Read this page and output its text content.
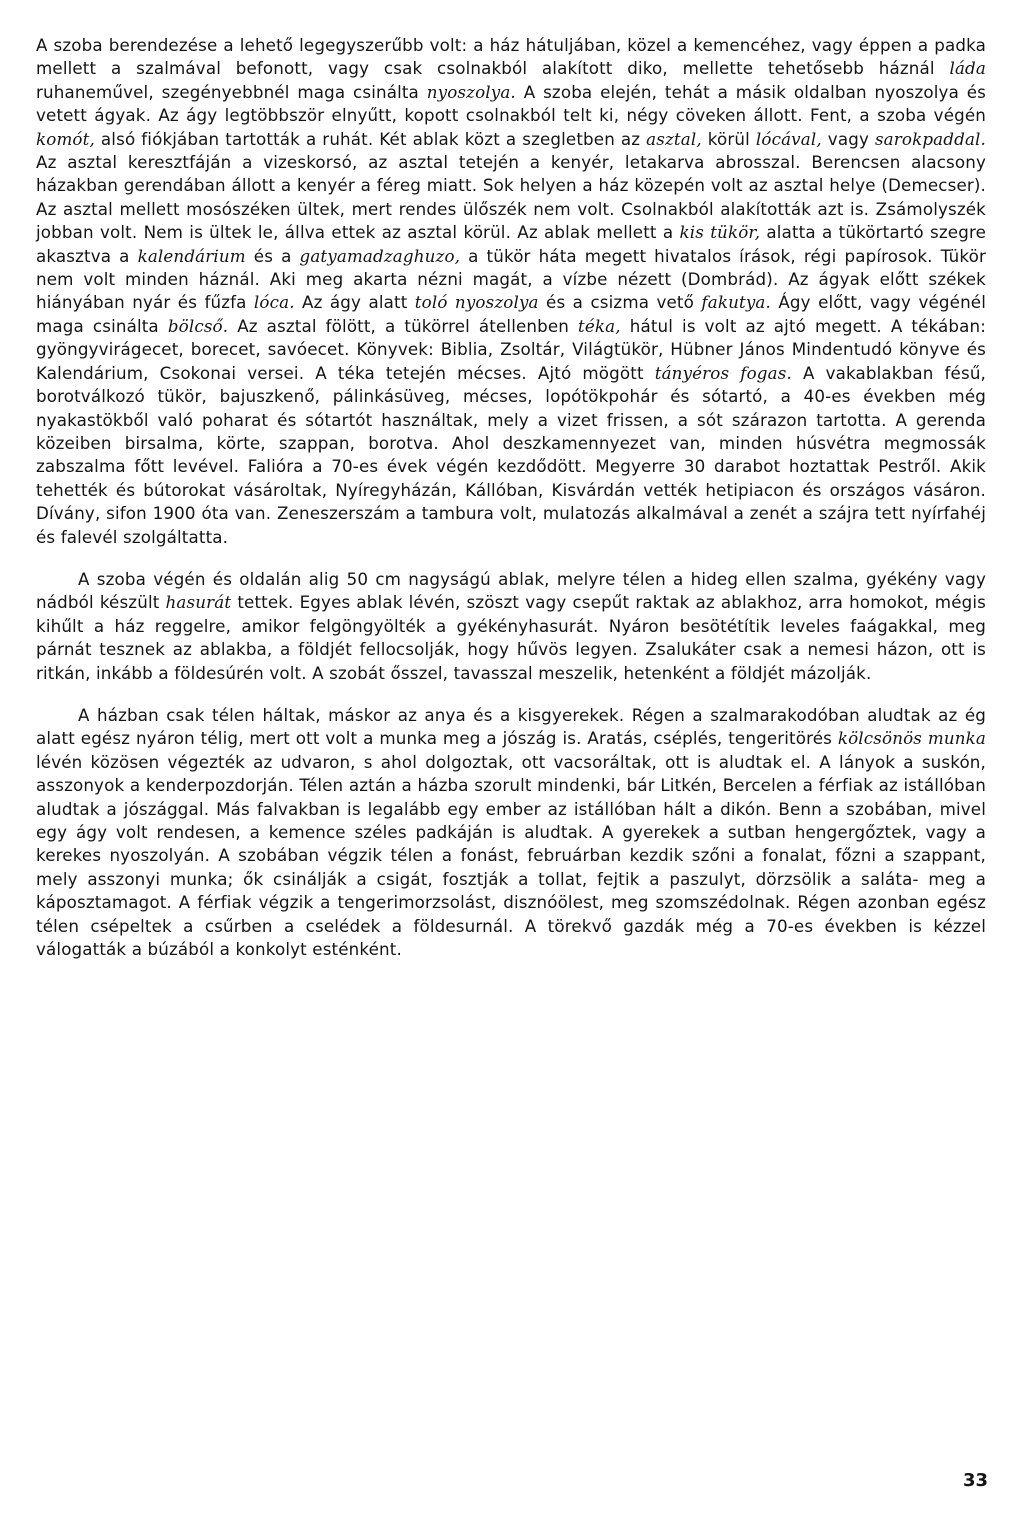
A szoba berendezése a lehető legegyszerűbb volt: a ház hátuljában, közel a kemencéhez, vagy éppen a padka mellett a szalmával befonott, vagy csak csolnakból alakított diko, mellette tehetősebb háznál láda ruhaneművel, szegényebbnél maga csinálta nyoszolya. A szoba elején, tehát a másik oldalban nyoszolya és vetett ágyak. Az ágy legtöbbször elnyűtt, kopott csolnakból telt ki, négy cöveken állott. Fent, a szoba végén komót, alsó fiókjában tartották a ruhát. Két ablak közt a szegletben az asztal, körül lócával, vagy sarokpaddal. Az asztal keresztfáján a vizeskorsó, az asztal tetején a kenyér, letakarva abrosszal. Berencsen alacsony házakban gerendában állott a kenyér a féreg miatt. Sok helyen a ház közepén volt az asztal helye (Demecser). Az asztal mellett mosószéken ültek, mert rendes ülőszék nem volt. Csolnakból alakították azt is. Zsámolyszék jobban volt. Nem is ültek le, állva ettek az asztal körül. Az ablak mellett a kis tükör, alatta a tükörtartó szegre akasztva a kalendárium és a gatyamadzaghuzo, a tükör háta megett hivatalos írások, régi papírosok. Tükör nem volt minden háznál. Aki meg akarta nézni magát, a vízbe nézett (Dombrád). Az ágyak előtt székek hiányában nyár és fűzfa lóca. Az ágy alatt toló nyoszolya és a csizma vető fakutya. Ágy előtt, vagy végénél maga csinálta bölcső. Az asztal fölött, a tükörrel átellenben téka, hátul is volt az ajtó megett. A tékában: gyöngyvirágecet, borecet, savóecet. Könyvek: Biblia, Zsoltár, Világtükör, Hübner János Mindentudó könyve és Kalendárium, Csokonai versei. A téka tetején mécses. Ajtó mögött tányéros fogas. A vakablakban fésű, borotválkozó tükör, bajuszkenő, pálinkásüveg, mécses, lopótökpohár és sótartó, a 40-es években még nyakastökből való poharat és sótartót használtak, mely a vizet frissen, a sót szárazon tartotta. A gerenda közeiben birsalma, körte, szappan, borotva. Ahol deszkamennyezet van, minden húsvétra megmossák zabszalma főtt levével. Falióra a 70-es évek végén kezdődött. Megyerre 30 darabot hoztattak Pestről. Akik tehették és bútorokat vásároltak, Nyíregyházán, Kállóban, Kisvárdán vették hetipiacon és országos vásáron. Dívány, sifon 1900 óta van. Zeneszerszám a tambura volt, mulatozás alkalmával a zenét a szájra tett nyírfahéj és falevél szolgáltatta.

A szoba végén és oldalán alig 50 cm nagyságú ablak, melyre télen a hideg ellen szalma, gyékény vagy nádból készült hasurát tettek. Egyes ablak lévén, szöszt vagy csepűt raktak az ablakhoz, arra homokot, mégis kihűlt a ház reggelre, amikor felgöngyölték a gyékényhasurát. Nyáron besötétítik leveles faágakkal, meg párnát tesznek az ablakba, a földjét fellocsolják, hogy hűvös legyen. Zsalukáter csak a nemesi házon, ott is ritkán, inkább a földesúrén volt. A szobát ősszel, tavasszal meszelik, hetenként a földjét mázolják.

A házban csak télen háltak, máskor az anya és a kisgyerekek. Régen a szalmarakodóban aludtak az ég alatt egész nyáron télig, mert ott volt a munka meg a jószág is. Aratás, cséplés, tengeritörés kölcsönös munka lévén közösen végezték az udvaron, s ahol dolgoztak, ott vacsoráltak, ott is aludtak el. A lányok a suskón, asszonyok a kenderpozdorján. Télen aztán a házba szorult mindenki, bár Litkén, Bercelen a férfiak az istállóban aludtak a jószággal. Más falvakban is legalább egy ember az istállóban hált a dikón. Benn a szobában, mivel egy ágy volt rendesen, a kemence széles padkáján is aludtak. A gyerekek a sutban hengergőztek, vagy a kerekes nyoszolyán. A szobában végzik télen a fonást, februárban kezdik szőni a fonalat, főzni a szappant, mely asszonyi munka; ők csinálják a csigát, fosztják a tollat, fejtik a paszulyt, dörzsölik a saláta- meg a káposztamagot. A férfiak végzik a tengerimorzsolást, disznóölest, meg szomszédolnak. Régen azonban egész télen csépeltek a csűrben a cselédek a földesurnál. A törekvő gazdák még a 70-es években is kézzel válogatták a búzából a konkolyt esténként.

33
